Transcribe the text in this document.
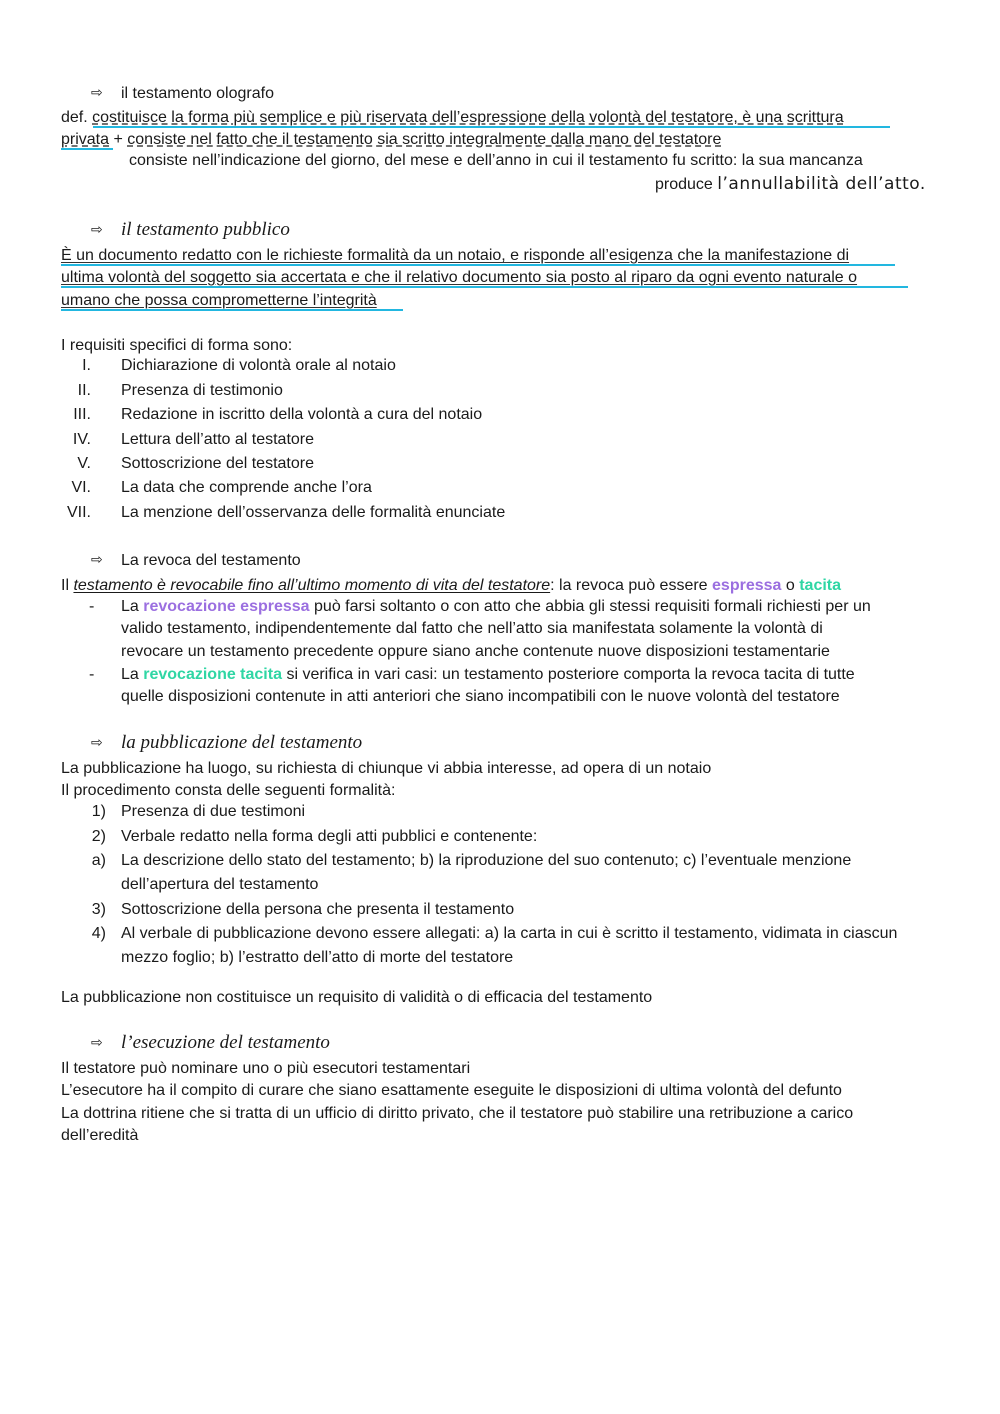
⇨ il testamento olografo
def. costituisce la forma più semplice e più riservata dell’espressione della volontà del testatore, è una scrittura
privata + consiste nel fatto che il testamento sia scritto integralmente dalla mano del testatore
consiste nell’indicazione del giorno, del mese e dell’anno in cui il testamento fu scritto: la sua mancanza
produce l’annullabilità dell’atto.
⇨ il testamento pubblico
È un documento redatto con le richieste formalità da un notaio, e risponde all’esigenza che la manifestazione di
ultima volontà del soggetto sia accertata e che il relativo documento sia posto al riparo da ogni evento naturale o
umano che possa comprometterne l’integrità
I requisiti specifici di forma sono:
I. Dichiarazione di volontà orale al notaio
II. Presenza di testimonio
III. Redazione in iscritto della volontà a cura del notaio
IV. Lettura dell’atto al testatore
V. Sottoscrizione del testatore
VI. La data che comprende anche l’ora
VII. La menzione dell’osservanza delle formalità enunciate
⇨ La revoca del testamento
Il testamento è revocabile fino all’ultimo momento di vita del testatore: la revoca può essere espressa o tacita
- La revocazione espressa può farsi soltanto o con atto che abbia gli stessi requisiti formali richiesti per un
valido testamento, indipendentemente dal fatto che nell’atto sia manifestata solamente la volontà di
revocare un testamento precedente oppure siano anche contenute nuove disposizioni testamentarie
- La revocazione tacita si verifica in vari casi: un testamento posteriore comporta la revoca tacita di tutte
quelle disposizioni contenute in atti anteriori che siano incompatibili con le nuove volontà del testatore
⇨ la pubblicazione del testamento
La pubblicazione ha luogo, su richiesta di chiunque vi abbia interesse, ad opera di un notaio
Il procedimento consta delle seguenti formalità:
1) Presenza di due testimoni
2) Verbale redatto nella forma degli atti pubblici e contenente:
a) La descrizione dello stato del testamento; b) la riproduzione del suo contenuto; c) l’eventuale menzione
dell’apertura del testamento
3) Sottoscrizione della persona che presenta il testamento
4) Al verbale di pubblicazione devono essere allegati: a) la carta in cui è scritto il testamento, vidimata in ciascun
mezzo foglio; b) l’estratto dell’atto di morte del testatore
La pubblicazione non costituisce un requisito di validità o di efficacia del testamento
⇨ l’esecuzione del testamento
Il testatore può nominare uno o più esecutori testamentari
L’esecutore ha il compito di curare che siano esattamente eseguite le disposizioni di ultima volontà del defunto
La dottrina ritiene che si tratta di un ufficio di diritto privato, che il testatore può stabilire una retribuzione a carico
dell’eredità
